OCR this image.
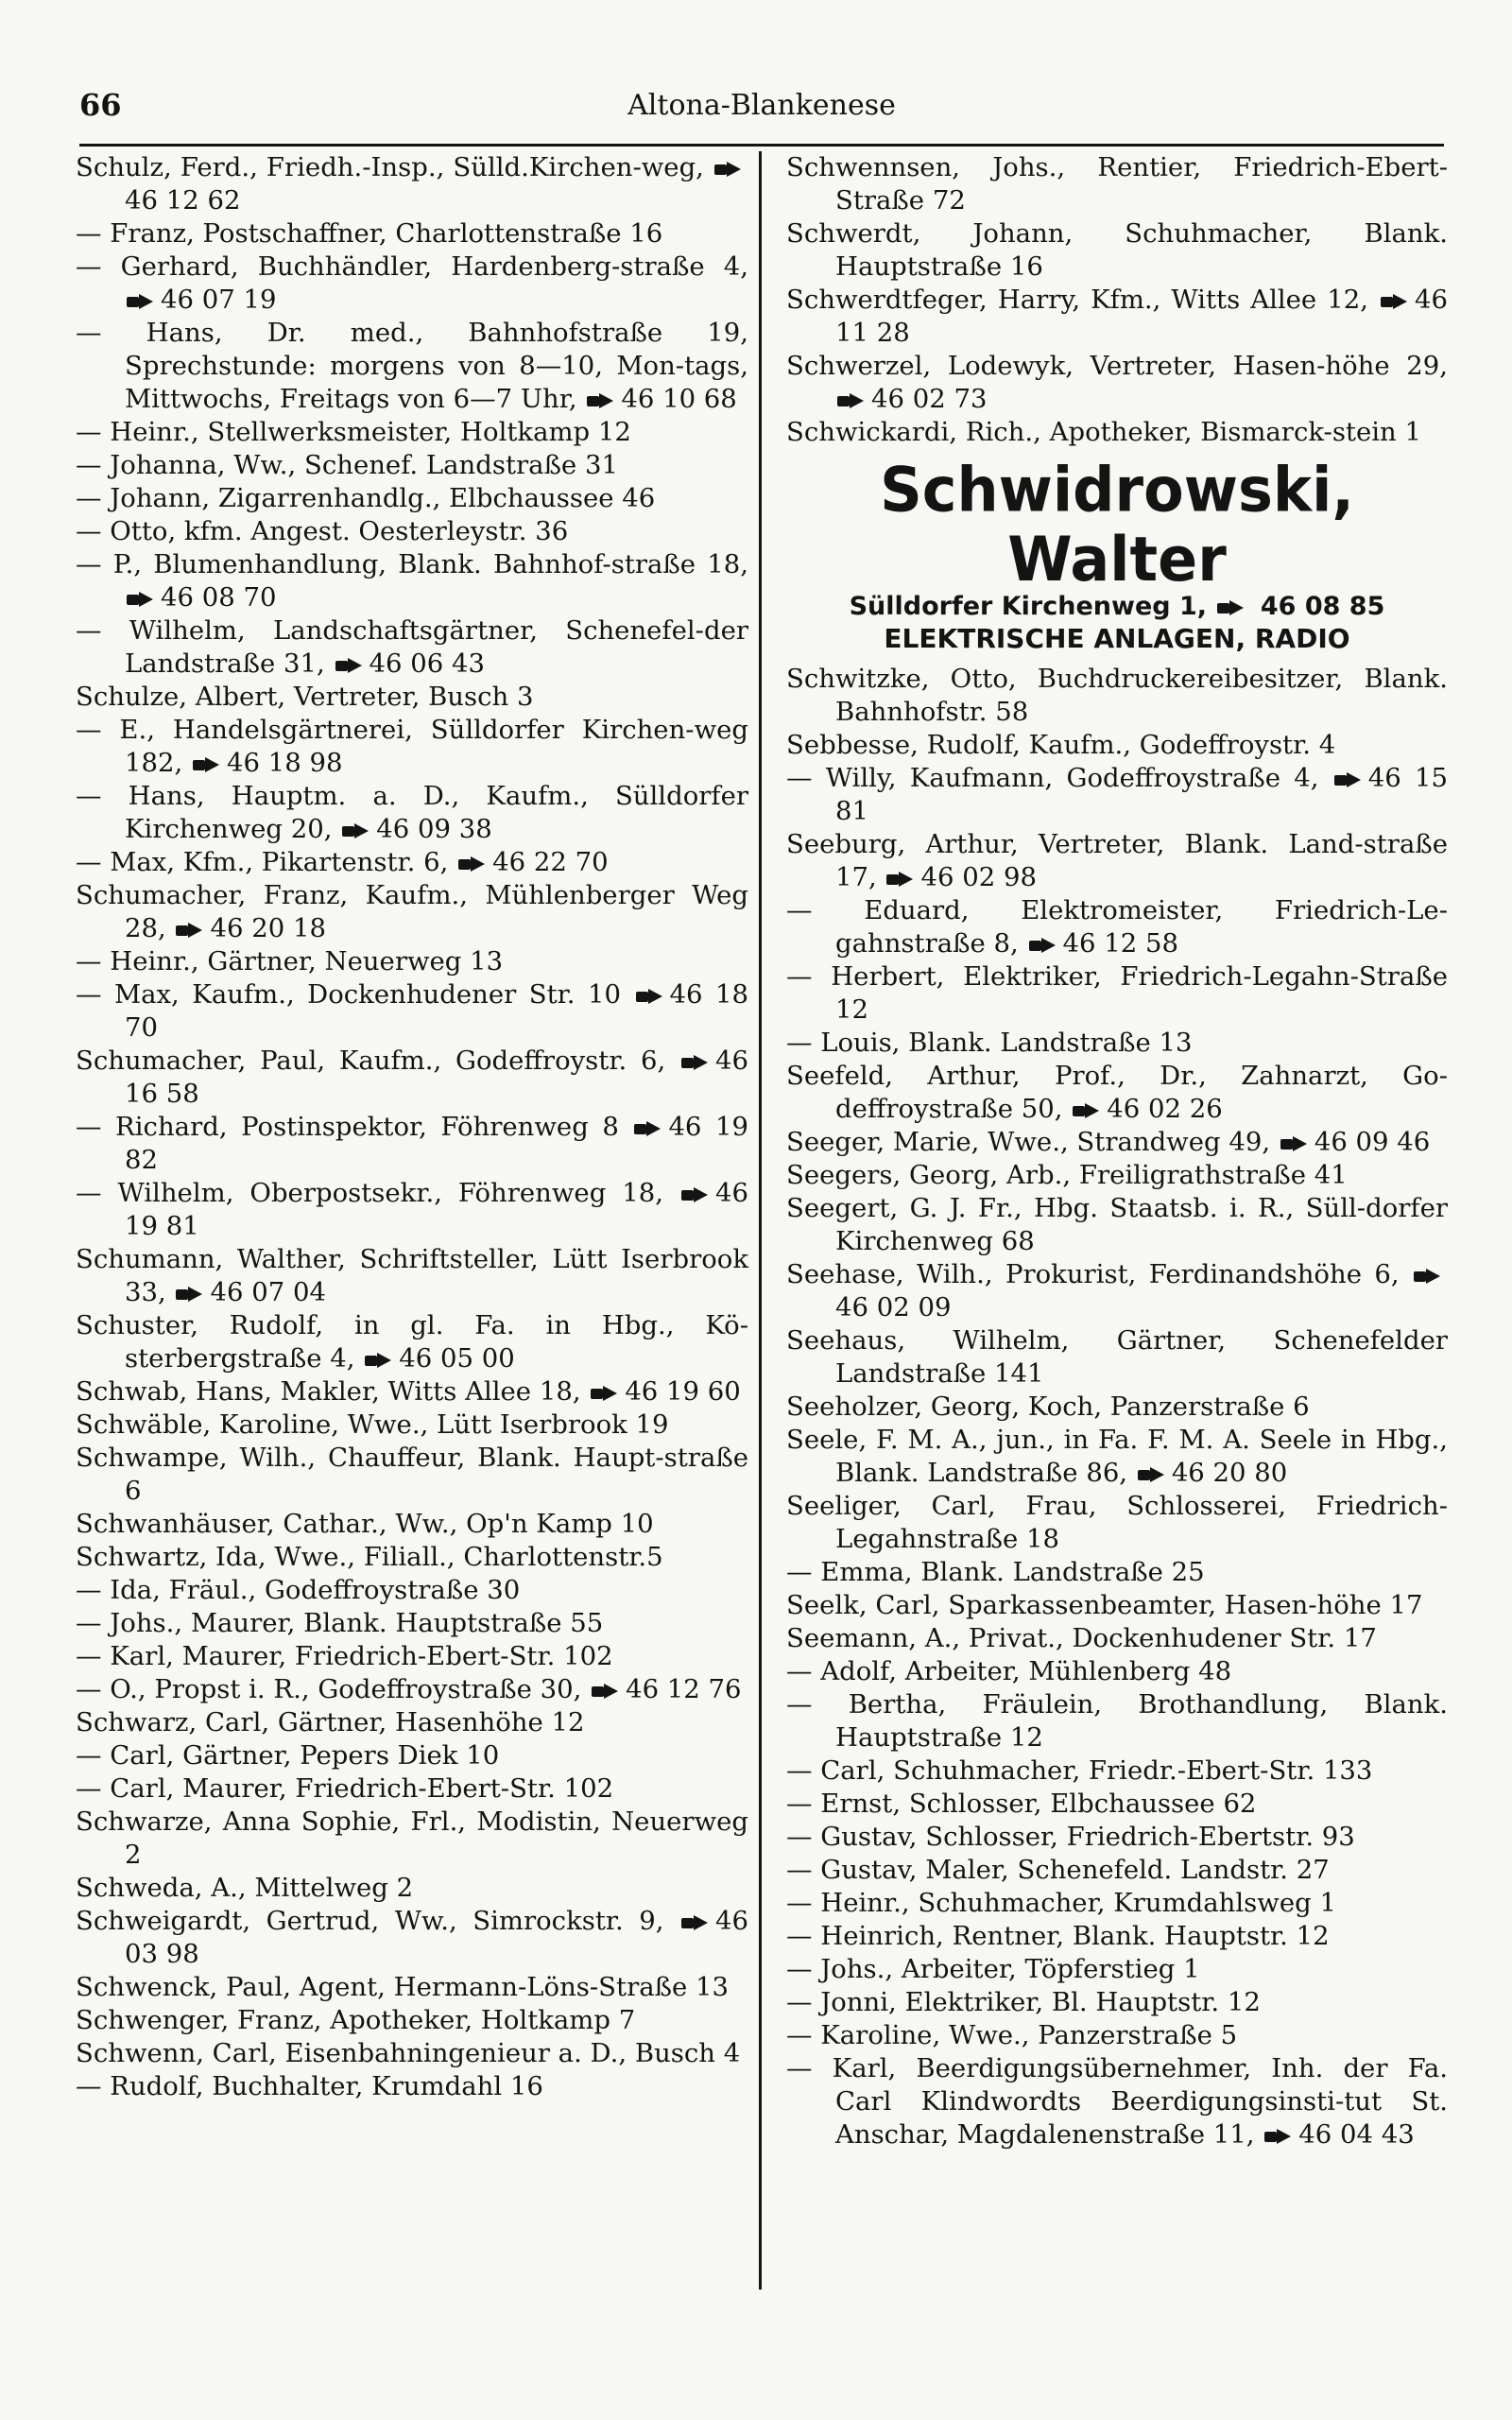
66	Altona-Blankenese

Schulz, Ferd., Friedh.-Insp., Sülld.Kirchen-weg, 46 12 62

— Franz, Postschaffner, Charlottenstraße 16

— Gerhard, Buchhändler, Hardenberg-straße 4, 46 07 19

— Hans, Dr. med., Bahnhofstraße 19, Sprechstunde: morgens von 8—10, Mon-tags, Mittwochs, Freitags von 6—7 Uhr, 46 10 68

— Heinr., Stellwerksmeister, Holtkamp 12

— Johanna, Ww., Schenef. Landstraße 31

— Johann, Zigarrenhandlg., Elbchaussee 46

— Otto, kfm. Angest. Oesterleystr. 36

— P., Blumenhandlung, Blank. Bahnhof-straße 18, 46 08 70

— Wilhelm, Landschaftsgärtner, Schenefel-der Landstraße 31, 46 06 43

Schulze, Albert, Vertreter, Busch 3

— E., Handelsgärtnerei, Sülldorfer Kirchen-weg 182, 46 18 98

— Hans, Hauptm. a. D., Kaufm., Sülldorfer Kirchenweg 20, 46 09 38

— Max, Kfm., Pikartenstr. 6, 46 22 70

Schumacher, Franz, Kaufm., Mühlenberger Weg 28, 46 20 18

— Heinr., Gärtner, Neuerweg 13

— Max, Kaufm., Dockenhudener Str. 10 46 18 70

Schumacher, Paul, Kaufm., Godeffroystr. 6, 46 16 58

— Richard, Postinspektor, Föhrenweg 8 46 19 82

— Wilhelm, Oberpostsekr., Föhrenweg 18, 46 19 81

Schumann, Walther, Schriftsteller, Lütt Iserbrook 33, 46 07 04

Schuster, Rudolf, in gl. Fa. in Hbg., Kö-sterbergstraße 4, 46 05 00

Schwab, Hans, Makler, Witts Allee 18, 46 19 60

Schwäble, Karoline, Wwe., Lütt Iserbrook 19

Schwampe, Wilh., Chauffeur, Blank. Haupt-straße 6

Schwanhäuser, Cathar., Ww., Op'n Kamp 10

Schwartz, Ida, Wwe., Filiall., Charlottenstr.5

— Ida, Fräul., Godeffroystraße 30

— Johs., Maurer, Blank. Hauptstraße 55

— Karl, Maurer, Friedrich-Ebert-Str. 102

— O., Propst i. R., Godeffroystraße 30, 46 12 76

Schwarz, Carl, Gärtner, Hasenhöhe 12

— Carl, Gärtner, Pepers Diek 10

— Carl, Maurer, Friedrich-Ebert-Str. 102

Schwarze, Anna Sophie, Frl., Modistin, Neuerweg 2

Schweda, A., Mittelweg 2

Schweigardt, Gertrud, Ww., Simrockstr. 9, 46 03 98

Schwenck, Paul, Agent, Hermann-Löns-Straße 13

Schwenger, Franz, Apotheker, Holtkamp 7

Schwenn, Carl, Eisenbahningenieur a. D., Busch 4

— Rudolf, Buchhalter, Krumdahl 16

Schwennsen, Johs., Rentier, Friedrich-Ebert-Straße 72

Schwerdt, Johann, Schuhmacher, Blank. Hauptstraße 16

Schwerdtfeger, Harry, Kfm., Witts Allee 12, 46 11 28

Schwerzel, Lodewyk, Vertreter, Hasen-höhe 29, 46 02 73

Schwickardi, Rich., Apotheker, Bismarck-stein 1

Schwidrowski, Walter
Sülldorfer Kirchenweg 1, 46 08 85
ELEKTRISCHE ANLAGEN, RADIO

Schwitzke, Otto, Buchdruckereibesitzer, Blank. Bahnhofstr. 58

Sebbesse, Rudolf, Kaufm., Godeffroystr. 4

— Willy, Kaufmann, Godeffroystraße 4, 46 15 81

Seeburg, Arthur, Vertreter, Blank. Land-straße 17, 46 02 98

— Eduard, Elektromeister, Friedrich-Le-gahnstraße 8, 46 12 58

— Herbert, Elektriker, Friedrich-Legahn-Straße 12

— Louis, Blank. Landstraße 13

Seefeld, Arthur, Prof., Dr., Zahnarzt, Go-deffroystraße 50, 46 02 26

Seeger, Marie, Wwe., Strandweg 49, 46 09 46

Seegers, Georg, Arb., Freiligrathstraße 41

Seegert, G. J. Fr., Hbg. Staatsb. i. R., Süll-dorfer Kirchenweg 68

Seehase, Wilh., Prokurist, Ferdinandshöhe 6, 46 02 09

Seehaus, Wilhelm, Gärtner, Schenefelder Landstraße 141

Seeholzer, Georg, Koch, Panzerstraße 6

Seele, F. M. A., jun., in Fa. F. M. A. Seele in Hbg., Blank. Landstraße 86, 46 20 80

Seeliger, Carl, Frau, Schlosserei, Friedrich-Legahnstraße 18

— Emma, Blank. Landstraße 25

Seelk, Carl, Sparkassenbeamter, Hasen-höhe 17

Seemann, A., Privat., Dockenhudener Str. 17

— Adolf, Arbeiter, Mühlenberg 48

— Bertha, Fräulein, Brothandlung, Blank. Hauptstraße 12

— Carl, Schuhmacher, Friedr.-Ebert-Str. 133

— Ernst, Schlosser, Elbchaussee 62

— Gustav, Schlosser, Friedrich-Ebertstr. 93

— Gustav, Maler, Schenefeld. Landstr. 27

— Heinr., Schuhmacher, Krumdahlsweg 1

— Heinrich, Rentner, Blank. Hauptstr. 12

— Johs., Arbeiter, Töpferstieg 1

— Jonni, Elektriker, Bl. Hauptstr. 12

— Karoline, Wwe., Panzerstraße 5

— Karl, Beerdigungsübernehmer, Inh. der Fa. Carl Klindwordts Beerdigungsinsti-tut St. Anschar, Magdalenenstraße 11, 46 04 43
